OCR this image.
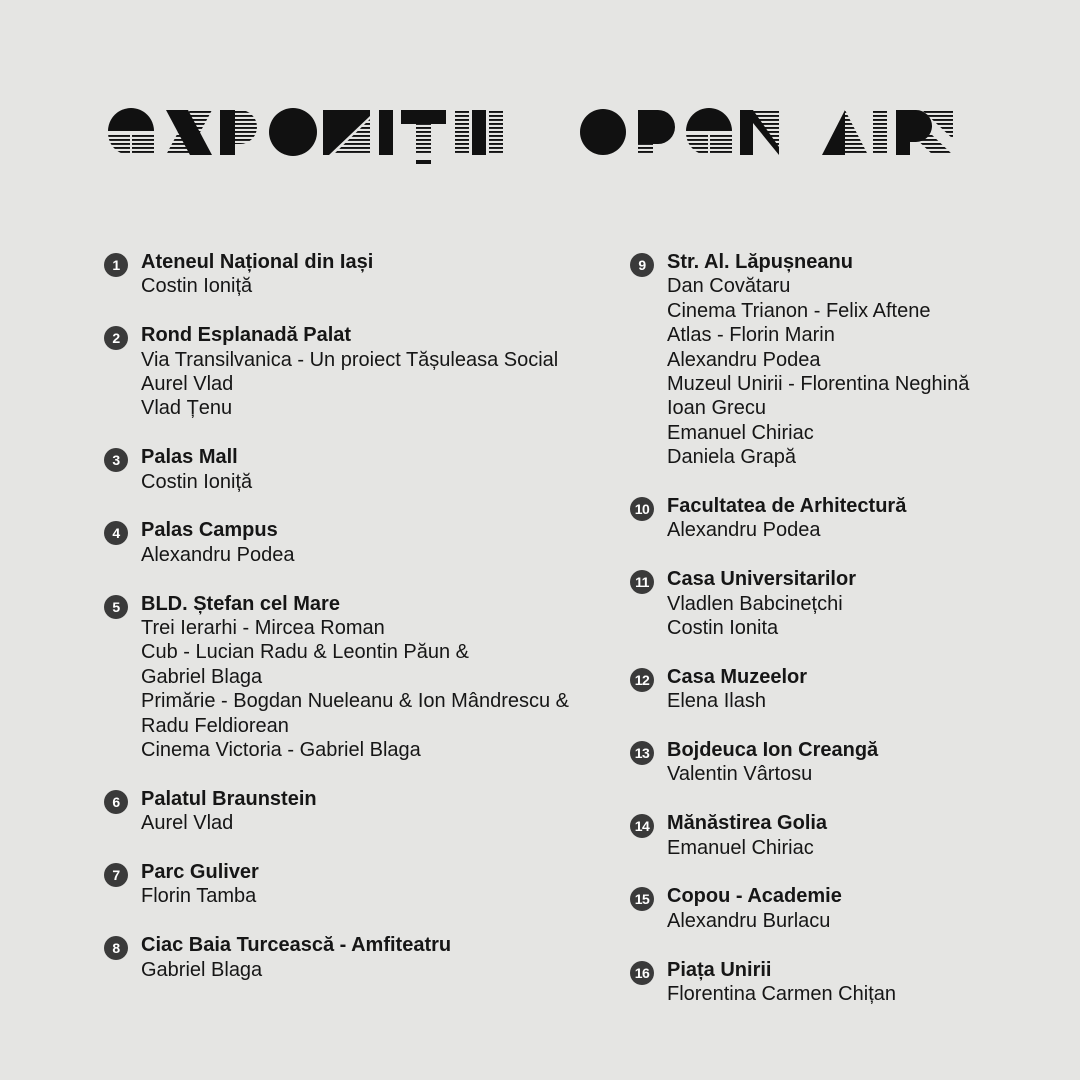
1	Ateneul Național din Iași
Costin Ioniță
2	Rond Esplanadă Palat
Via Transilvanica - Un proiect Tășuleasa Social
Aurel Vlad
Vlad Țenu
3	Palas Mall
Costin Ioniță
4	Palas Campus
Alexandru Podea
5	BLD. Ștefan cel Mare
Trei Ierarhi - Mircea Roman
Cub - Lucian Radu & Leontin Păun &
Gabriel Blaga
Primărie - Bogdan Nueleanu & Ion Mândrescu &
Radu Feldiorean
Cinema Victoria - Gabriel Blaga
6	Palatul Braunstein
Aurel Vlad
7	Parc Guliver
Florin Tamba
8	Ciac Baia Turcească - Amfiteatru
Gabriel Blaga
9	Str. Al. Lăpușneanu
Dan Covătaru
Cinema Trianon - Felix Aftene
Atlas - Florin Marin
Alexandru Podea
Muzeul Unirii - Florentina Neghină
Ioan Grecu
Emanuel Chiriac
Daniela Grapă
10 Facultatea de Arhitectură
Alexandru Podea
11 Casa Universitarilor
Vladlen Babcinețchi
Costin Ionita
12 Casa Muzeelor
Elena Ilash
13 Bojdeuca Ion Creangă
Valentin Vârtosu
14 Mănăstirea Golia
Emanuel Chiriac
15 Copou - Academie
Alexandru Burlacu
16 Piața Unirii
Florentina Carmen Chițan
